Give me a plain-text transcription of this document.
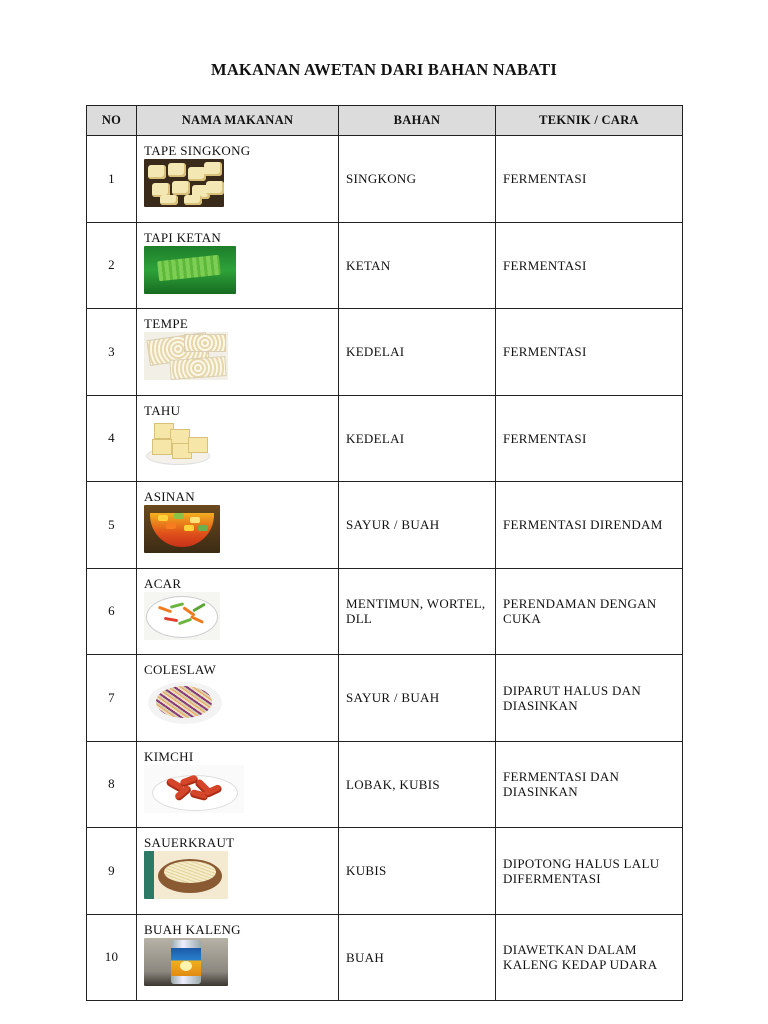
MAKANAN AWETAN DARI BAHAN NABATI
NO	NAMA MAKANAN	BAHAN	TEKNIK / CARA
1	TAPE SINGKONG	SINGKONG	FERMENTASI
2	TAPI KETAN	KETAN	FERMENTASI
3	TEMPE	KEDELAI	FERMENTASI
4	TAHU	KEDELAI	FERMENTASI
5	ASINAN	SAYUR / BUAH	FERMENTASI DIRENDAM
6	ACAR	MENTIMUN, WORTEL, DLL	PERENDAMAN DENGAN CUKA
7	COLESLAW	SAYUR / BUAH	DIPARUT HALUS DAN DIASINKAN
8	KIMCHI	LOBAK, KUBIS	FERMENTASI DAN DIASINKAN
9	SAUERKRAUT	KUBIS	DIPOTONG HALUS LALU DIFERMENTASI
10	BUAH KALENG	BUAH	DIAWETKAN DALAM KALENG KEDAP UDARA
